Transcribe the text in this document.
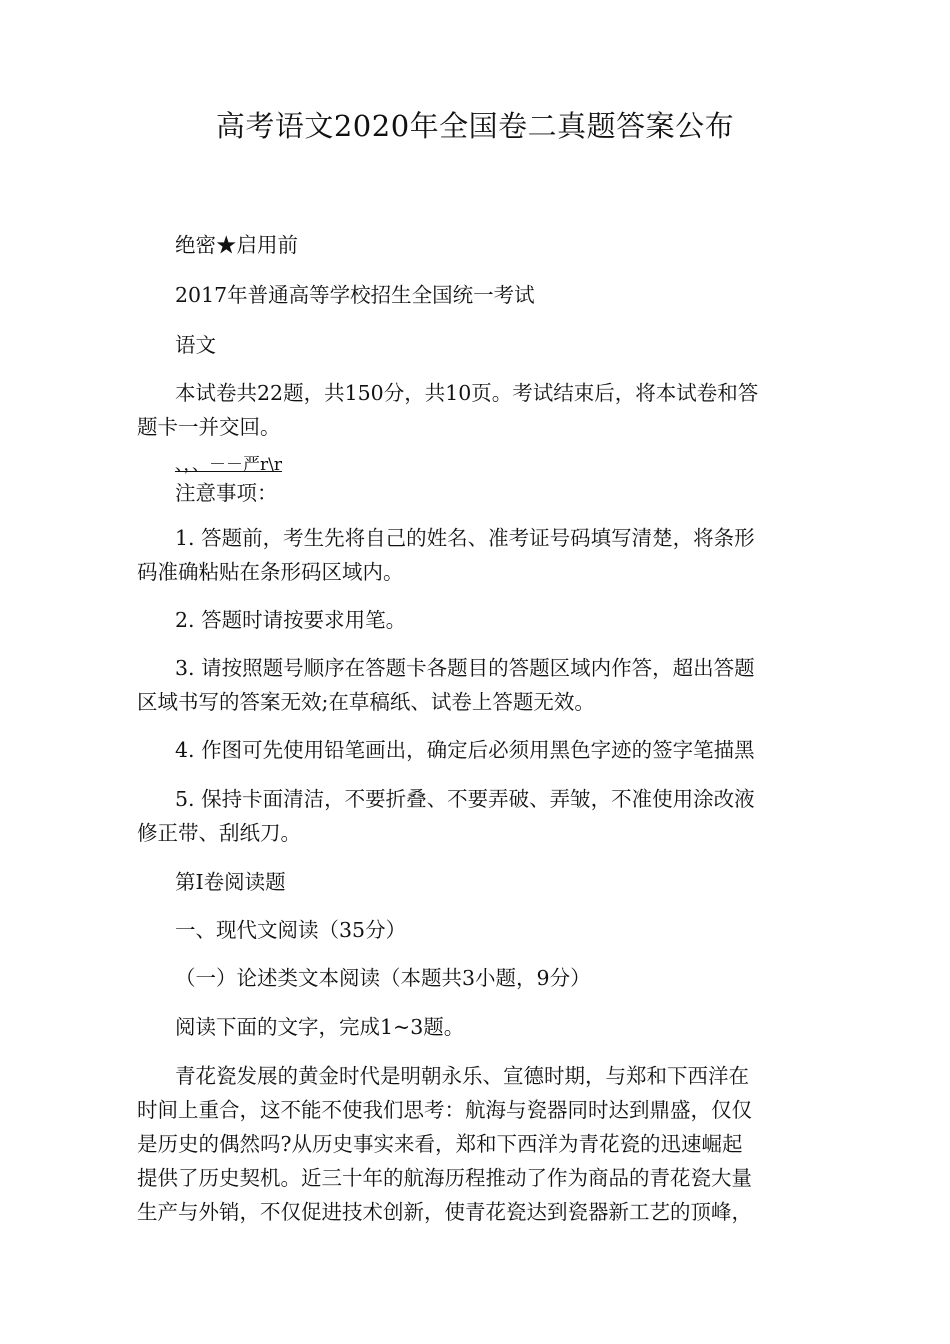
高考语文2020年全国卷二真题答案公布
绝密★启用前
2017年普通高等学校招生全国统一考试
语文
本试卷共22题，共150分，共10页。考试结束后，将本试卷和答
题卡一并交回。
、，、－－严r\r
注意事项：
1. 答题前，考生先将自己的姓名、准考证号码填写清楚，将条形
码准确粘贴在条形码区域内。
2. 答题时请按要求用笔。
3. 请按照题号顺序在答题卡各题目的答题区域内作答，超出答题
区域书写的答案无效;在草稿纸、试卷上答题无效。
4. 作图可先使用铅笔画出，确定后必须用黑色字迹的签字笔描黑
5. 保持卡面清洁，不要折叠、不要弄破、弄皱，不准使用涂改液
修正带、刮纸刀。
第I卷阅读题
一、现代文阅读（35分）
（一）论述类文本阅读（本题共3小题，9分）
阅读下面的文字，完成1~3题。
青花瓷发展的黄金时代是明朝永乐、宣德时期，与郑和下西洋在
时间上重合，这不能不使我们思考：航海与瓷器同时达到鼎盛，仅仅
是历史的偶然吗?从历史事实来看，郑和下西洋为青花瓷的迅速崛起
提供了历史契机。近三十年的航海历程推动了作为商品的青花瓷大量
生产与外销，不仅促进技术创新，使青花瓷达到瓷器新工艺的顶峰，
